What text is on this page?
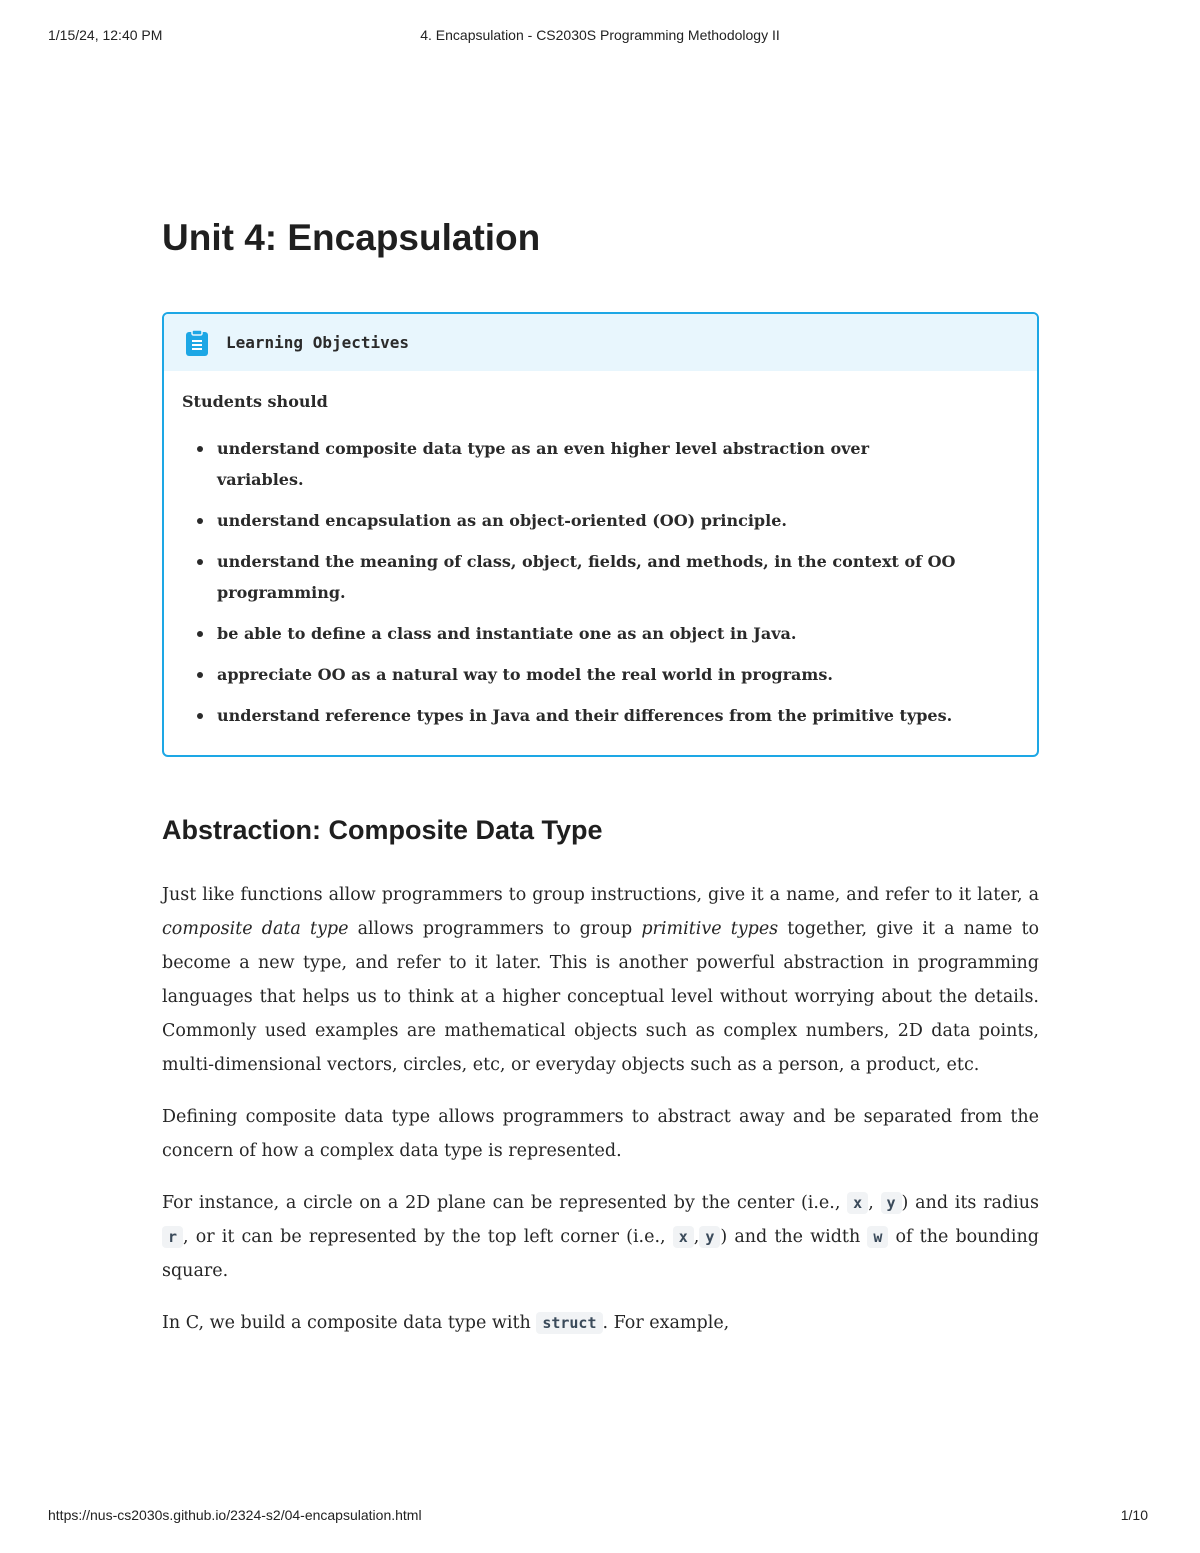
1/15/24, 12:40 PM	4. Encapsulation - CS2030S Programming Methodology II
Unit 4: Encapsulation
Learning Objectives

Students should

understand composite data type as an even higher level abstraction over variables.
understand encapsulation as an object-oriented (OO) principle.
understand the meaning of class, object, fields, and methods, in the context of OO programming.
be able to define a class and instantiate one as an object in Java.
appreciate OO as a natural way to model the real world in programs.
understand reference types in Java and their differences from the primitive types.
Abstraction: Composite Data Type

Just like functions allow programmers to group instructions, give it a name, and refer to it later, a composite data type allows programmers to group primitive types together, give it a name to become a new type, and refer to it later. This is another powerful abstraction in programming languages that helps us to think at a higher conceptual level without worrying about the details. Commonly used examples are mathematical objects such as complex numbers, 2D data points, multi-dimensional vectors, circles, etc, or everyday objects such as a person, a product, etc.

Defining composite data type allows programmers to abstract away and be separated from the concern of how a complex data type is represented.

For instance, a circle on a 2D plane can be represented by the center (i.e., x , y ) and its radius r , or it can be represented by the top left corner (i.e., x , y ) and the width w of the bounding square.

In C, we build a composite data type with struct . For example,

https://nus-cs2030s.github.io/2324-s2/04-encapsulation.html	1/10
